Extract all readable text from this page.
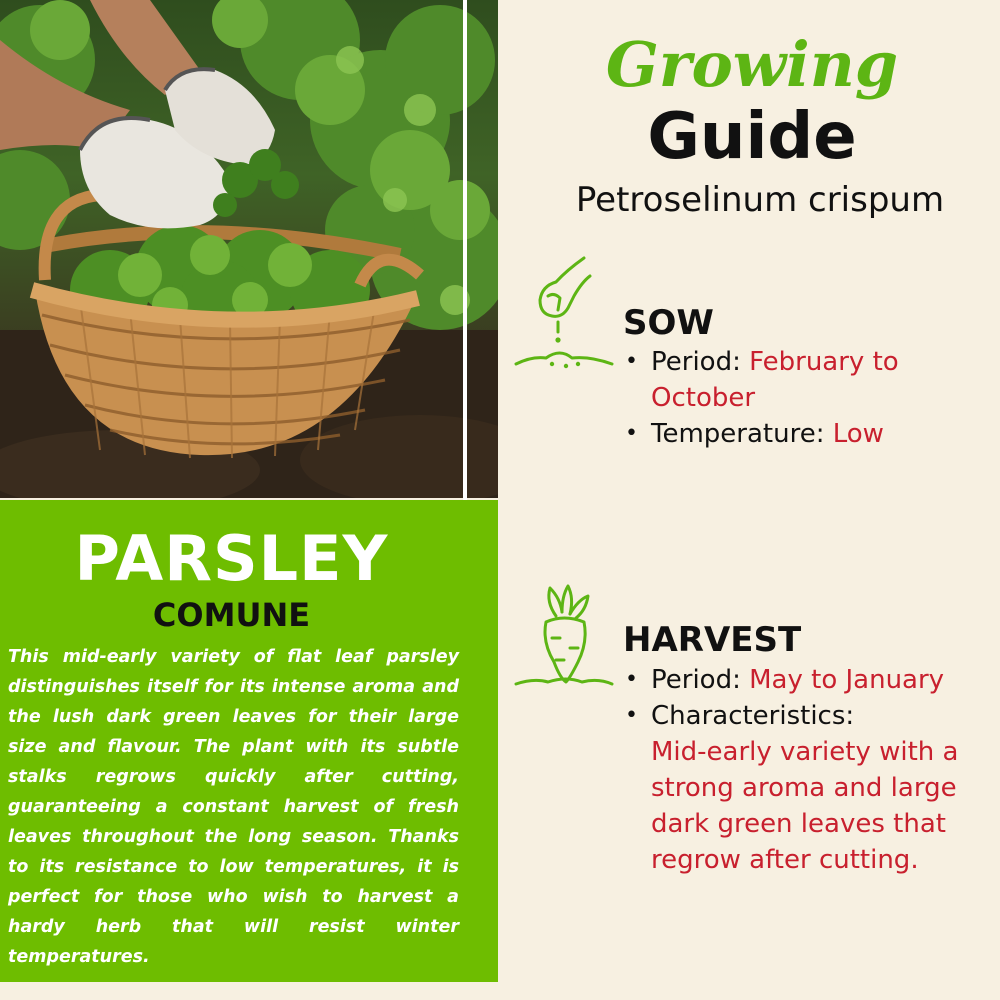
PARSLEY
COMUNE

This mid-early variety of flat leaf parsley distinguishes itself for its intense aroma and the lush dark green leaves for their large size and flavour. The plant with its subtle stalks regrows quickly after cutting, guaranteeing a constant harvest of fresh leaves throughout the long season. Thanks to its resistance to low temperatures, it is perfect for those who wish to harvest a hardy herb that will resist winter temperatures.

Growing
Guide
Petroselinum crispum
SOW
• Period: February to October
• Temperature: Low
HARVEST
• Period: May to January
• Characteristics:
Mid-early variety with a strong aroma and large dark green leaves that regrow after cutting.
